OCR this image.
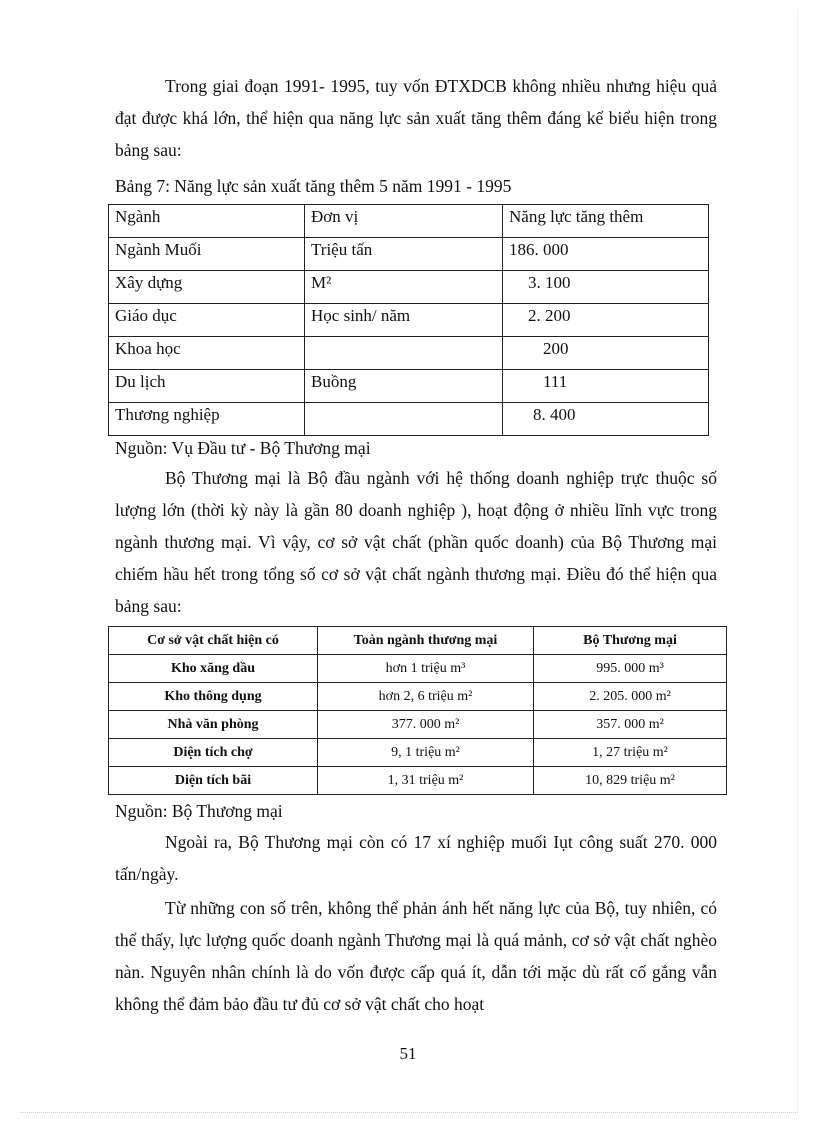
Trong giai đoạn 1991- 1995, tuy vốn ĐTXDCB không nhiều nhưng hiệu quả đạt được khá lớn, thể hiện qua năng lực sản xuất tăng thêm đáng kể biểu hiện trong bảng sau:

Bảng 7: Năng lực sản xuất tăng thêm 5 năm 1991 - 1995

Ngành	Đơn vị	Năng lực tăng thêm
Ngành Muối	Triệu tấn	186. 000
Xây dựng	M²	3. 100
Giáo dục	Học sinh/ năm	2. 200
Khoa học		200
Du lịch	Buồng	111
Thương nghiệp		8. 400

Nguồn: Vụ Đầu tư - Bộ Thương mại

Bộ Thương mại là Bộ đầu ngành với hệ thống doanh nghiệp trực thuộc số lượng lớn (thời kỳ này là gần 80 doanh nghiệp ), hoạt động ở nhiều lĩnh vực trong ngành thương mại. Vì vậy, cơ sở vật chất (phần quốc doanh) của Bộ Thương mại chiếm hầu hết trong tổng số cơ sở vật chất ngành thương mại. Điều đó thể hiện qua bảng sau:

Cơ sở vật chất hiện có	Toàn ngành thương mại	Bộ Thương mại
Kho xăng dầu	hơn 1 triệu m³	995. 000 m³
Kho thông dụng	hơn 2, 6 triệu m²	2. 205. 000 m²
Nhà văn phòng	377. 000 m²	357. 000 m²
Diện tích chợ	9, 1 triệu m²	1, 27 triệu m²
Diện tích bãi	1, 31 triệu m²	10, 829 triệu m²

Nguồn: Bộ Thương mại

Ngoài ra, Bộ Thương mại còn có 17 xí nghiệp muối Iụt công suất 270. 000 tấn/ngày.

Từ những con số trên, không thể phản ánh hết năng lực của Bộ, tuy nhiên, có thể thấy, lực lượng quốc doanh ngành Thương mại là quá mảnh, cơ sở vật chất nghèo nàn. Nguyên nhân chính là do vốn được cấp quá ít, dẫn tới mặc dù rất cố gắng vẫn không thể đảm bảo đầu tư đủ cơ sở vật chất cho hoạt

51
